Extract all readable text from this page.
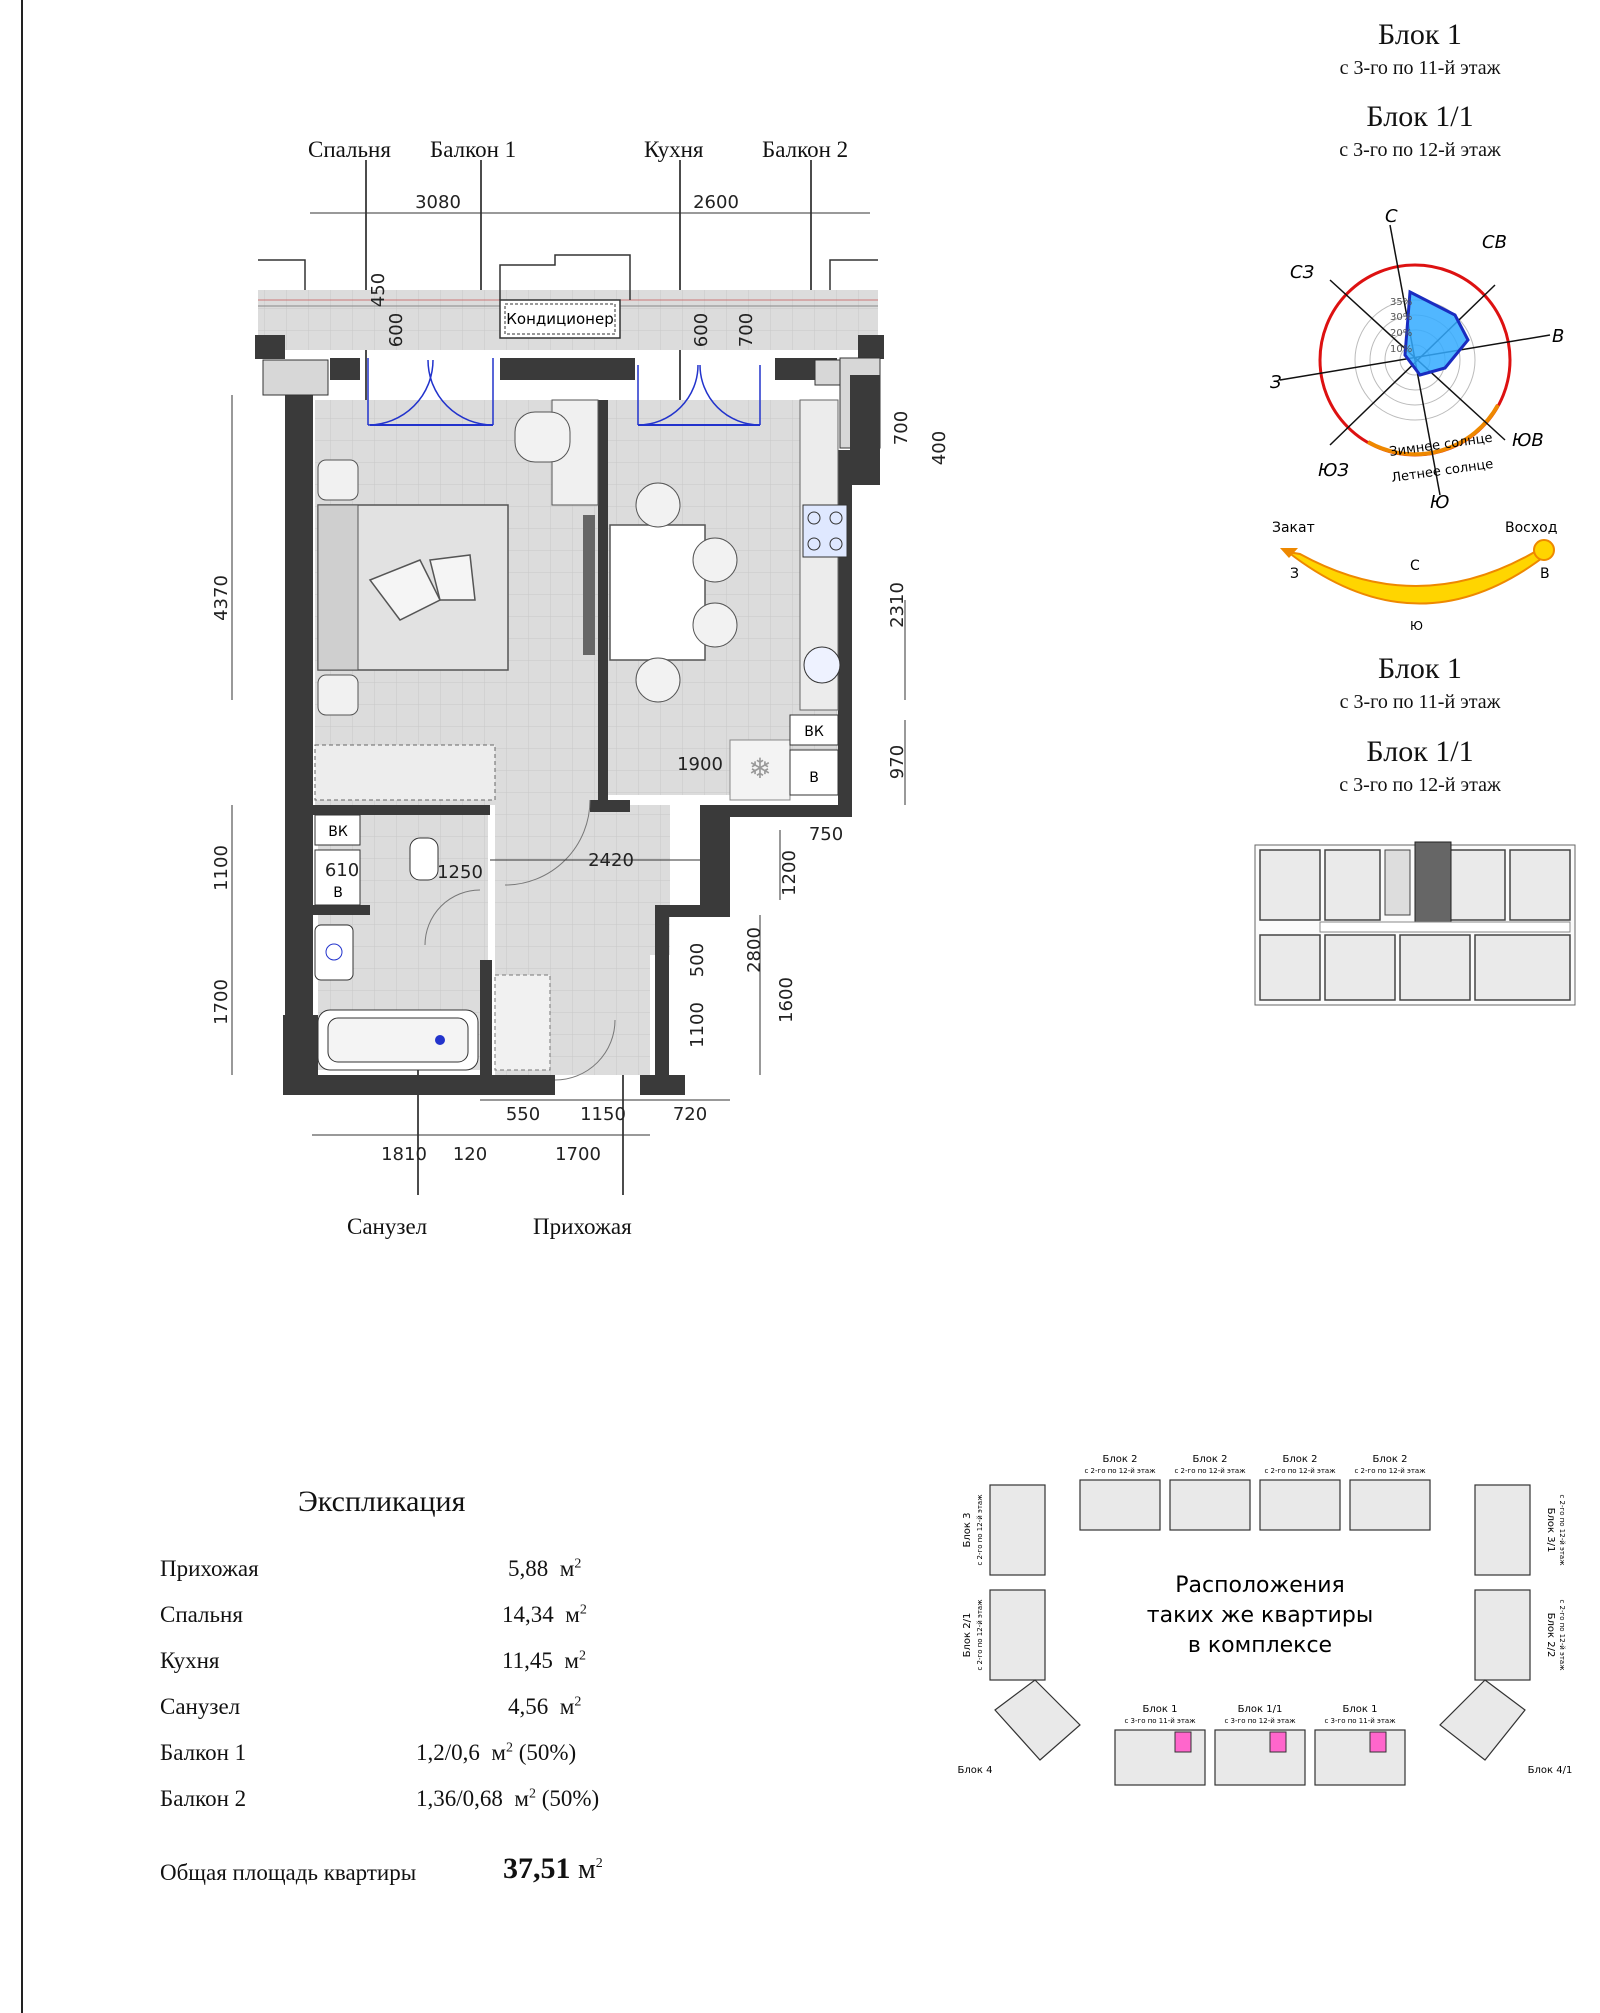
Блок 1
с 3-го по 11-й этаж
Блок 1/1
с 3-го по 12-й этаж
Спальня Балкон 1	Кухня	Балкон 2
Санузел	Прихожая
Кондиционер
❄
ВК
В
ВК
В
3080	2600
450
600	600 700
700
400
4370	2310
1900	970
750
1100	1250
2420	1200
610
2800
500
1700	1600
1100
550 1150	720
1810 120	1700
35%
30%
20%
10%
С
СВ
В
ЮВ
Ю
ЮЗ
З
СЗ
Зимнее солнце
Летнее солнце
Закат	Восход
З	В
С
Ю
Блок 1
с 3-го по 11-й этаж
Блок 1/1
с 3-го по 12-й этаж
Экспликация
Прихожая	5,88 $м^2$
Спальня	14,34 $м^2$
Кухня	11,45 $м^2$
Санузел	4,56 $м^2$
Балкон 1	1,2/0,6 $м^2$ (50%)
Балкон 2	1,36/0,68 $м^2$ (50%)
Общая площадь квартиры	37,51 $м^2$
Расположения
таких же квартиры
в комплексе
Блок 2
с 2-го по 12-й этаж
Блок 2
с 2-го по 12-й этаж
Блок 2
с 2-го по 12-й этаж
Блок 2
с 2-го по 12-й этаж
Блок 1
с 3-го по 11-й этаж
Блок 1/1
с 3-го по 12-й этаж
Блок 1
с 3-го по 11-й этаж
Блок 4	Блок 4/1
Блок 3 с 2-го по 12-й этаж
Блок 2/1 с 2-го по 12-й этаж
Блок 3/1 с 2-го по 12-й этаж
Блок 2/2 с 2-го по 12-й этаж
